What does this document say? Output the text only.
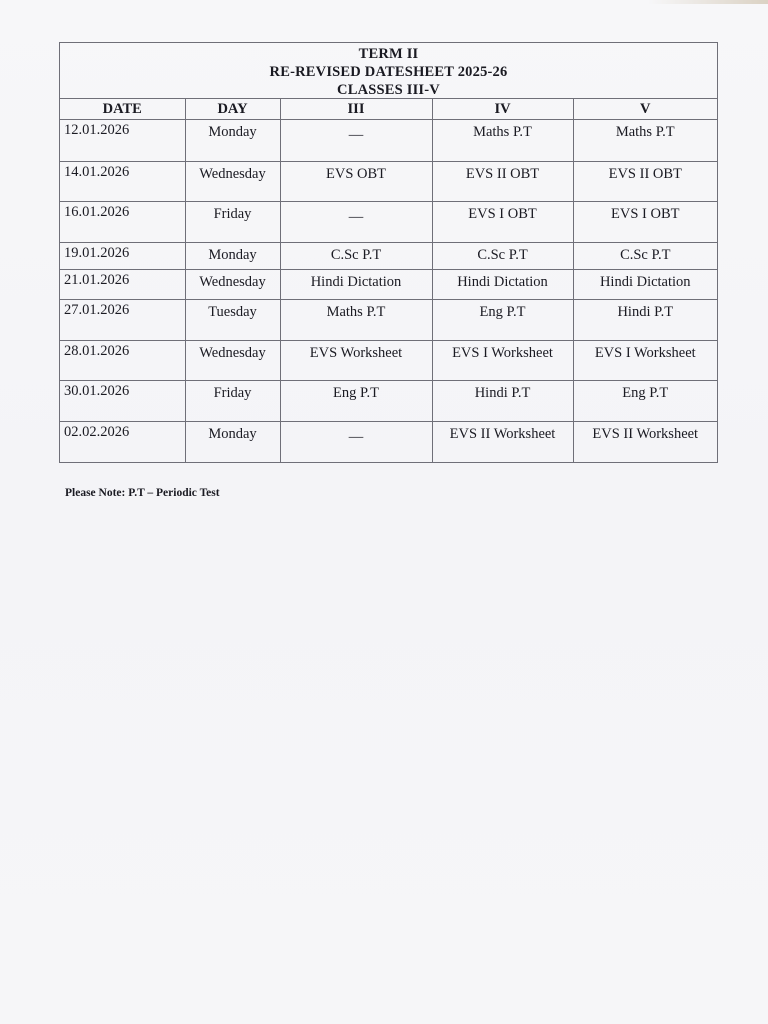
TERM II
RE-REVISED DATESHEET 2025-26
CLASSES III-V
DATE	DAY	III	IV	V
12.01.2026	Monday	—	Maths P.T	Maths P.T
14.01.2026	Wednesday	EVS OBT	EVS II OBT	EVS II OBT
16.01.2026	Friday	—	EVS I OBT	EVS I OBT
19.01.2026	Monday	C.Sc P.T	C.Sc P.T	C.Sc P.T
21.01.2026	Wednesday	Hindi Dictation	Hindi Dictation	Hindi Dictation
27.01.2026	Tuesday	Maths P.T	Eng P.T	Hindi P.T
28.01.2026	Wednesday	EVS Worksheet	EVS I Worksheet	EVS I Worksheet
30.01.2026	Friday	Eng P.T	Hindi P.T	Eng P.T
02.02.2026	Monday	—	EVS II Worksheet	EVS II Worksheet
Please Note: P.T – Periodic Test
